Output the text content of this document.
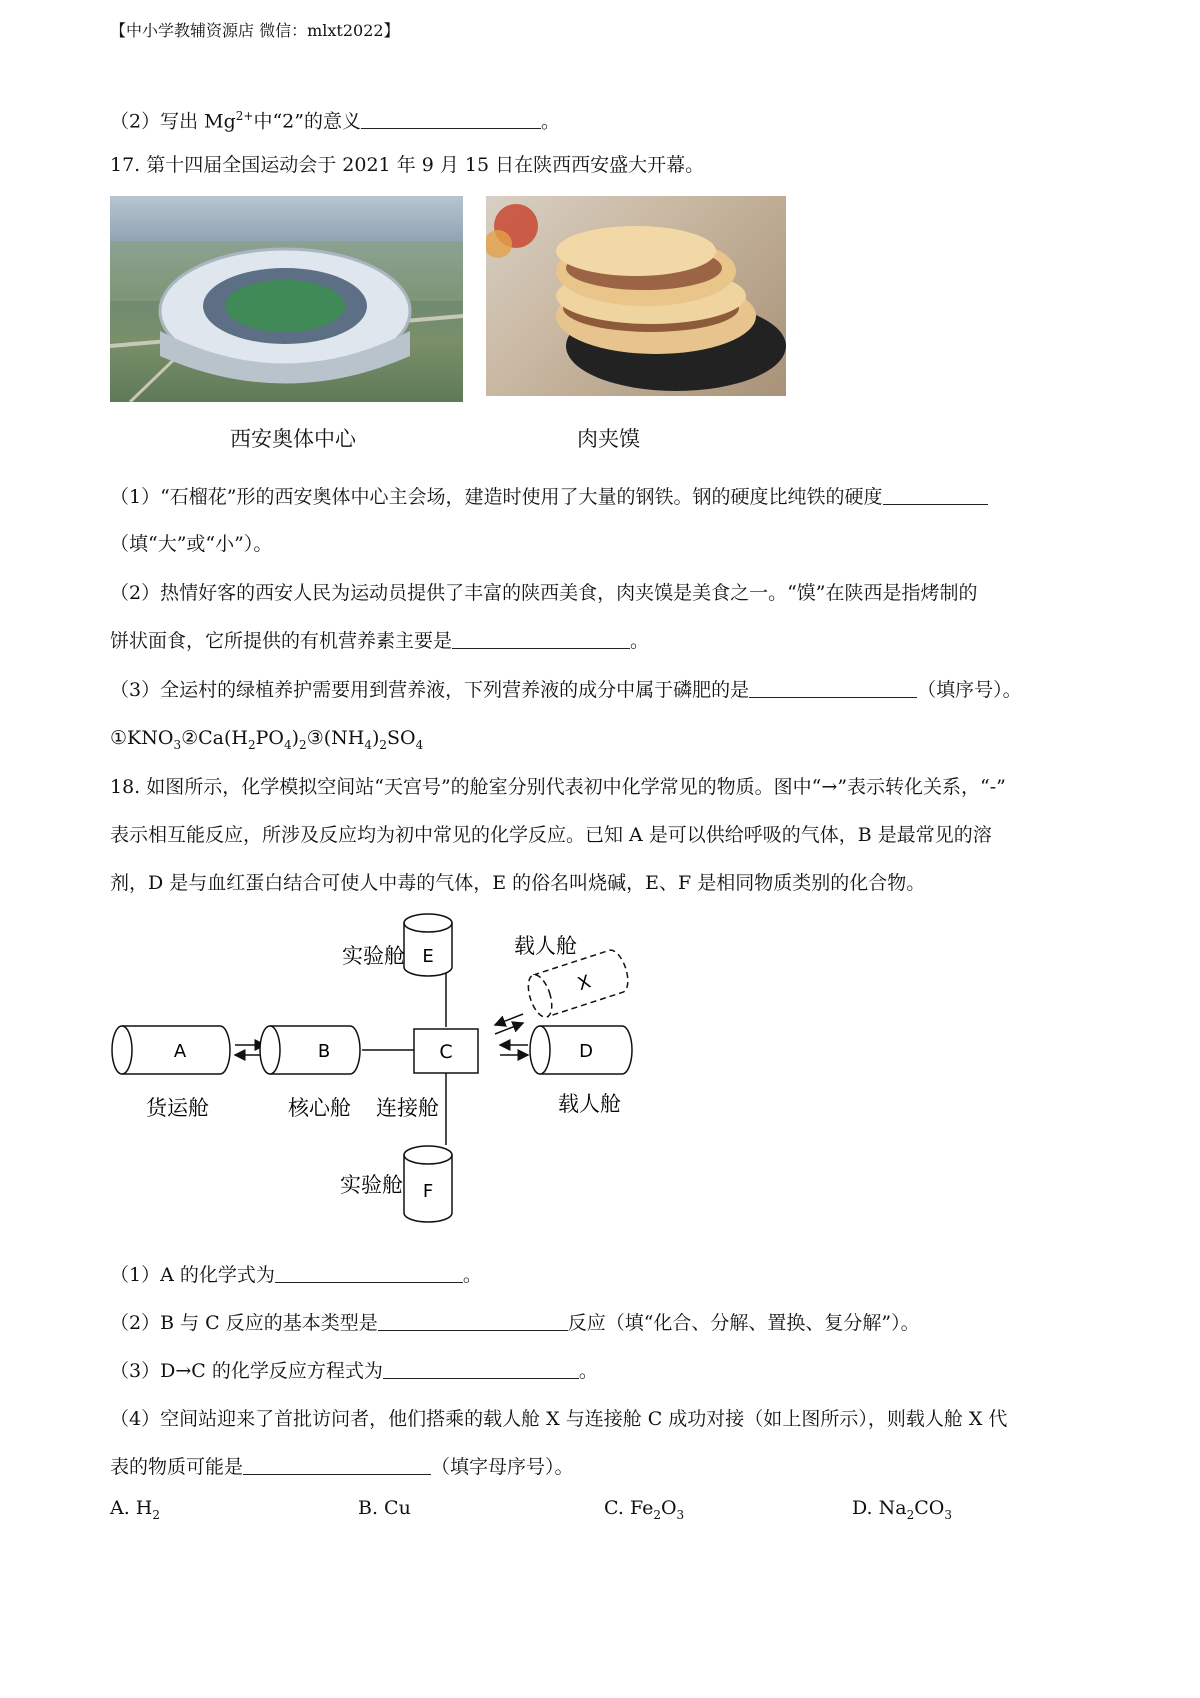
【中小学教辅资源店 微信：mlxt2022】
（2）写出 $Mg^{2+}$中“2”的意义	。
17. 第十四届全国运动会于 2021 年 9 月 15 日在陕西西安盛大开幕。
西安奥体中心	肉夹馍
（1）“石榴花”形的西安奥体中心主会场，建造时使用了大量的钢铁。钢的硬度比纯铁的硬度
（填“大”或“小”）。
（2）热情好客的西安人民为运动员提供了丰富的陕西美食，肉夹馍是美食之一。“馍”在陕西是指烤制的
饼状面食，它所提供的有机营养素主要是	。
（3）全运村的绿植养护需要用到营养液，下列营养液的成分中属于磷肥的是	（填序号）。
$①KNO_3②Ca(H_2PO_4)_2③(NH_4)_2SO_4$
18. 如图所示，化学模拟空间站“天宫号”的舱室分别代表初中化学常见的物质。图中“→”表示转化关系，“-”
表示相互能反应，所涉及反应均为初中常见的化学反应。已知 A 是可以供给呼吸的气体，B 是最常见的溶
剂，D 是与血红蛋白结合可使人中毒的气体，E 的俗名叫烧碱，E、F 是相同物质类别的化合物。
E
F
C
A	B	D
X
货运舱	核心舱 连接舱	载人舱
实验舱
实验舱
载人舱
（1）A 的化学式为	。
（2）B 与 C 反应的基本类型是	反应（填“化合、分解、置换、复分解”）。
（3）D→C 的化学反应方程式为	。
（4）空间站迎来了首批访问者，他们搭乘的载人舱 X 与连接舱 C 成功对接（如上图所示），则载人舱 X 代
表的物质可能是	（填字母序号）。
A. $H_2$	B. Cu	C. $Fe_2O_3$	D. $Na_2CO_3$
